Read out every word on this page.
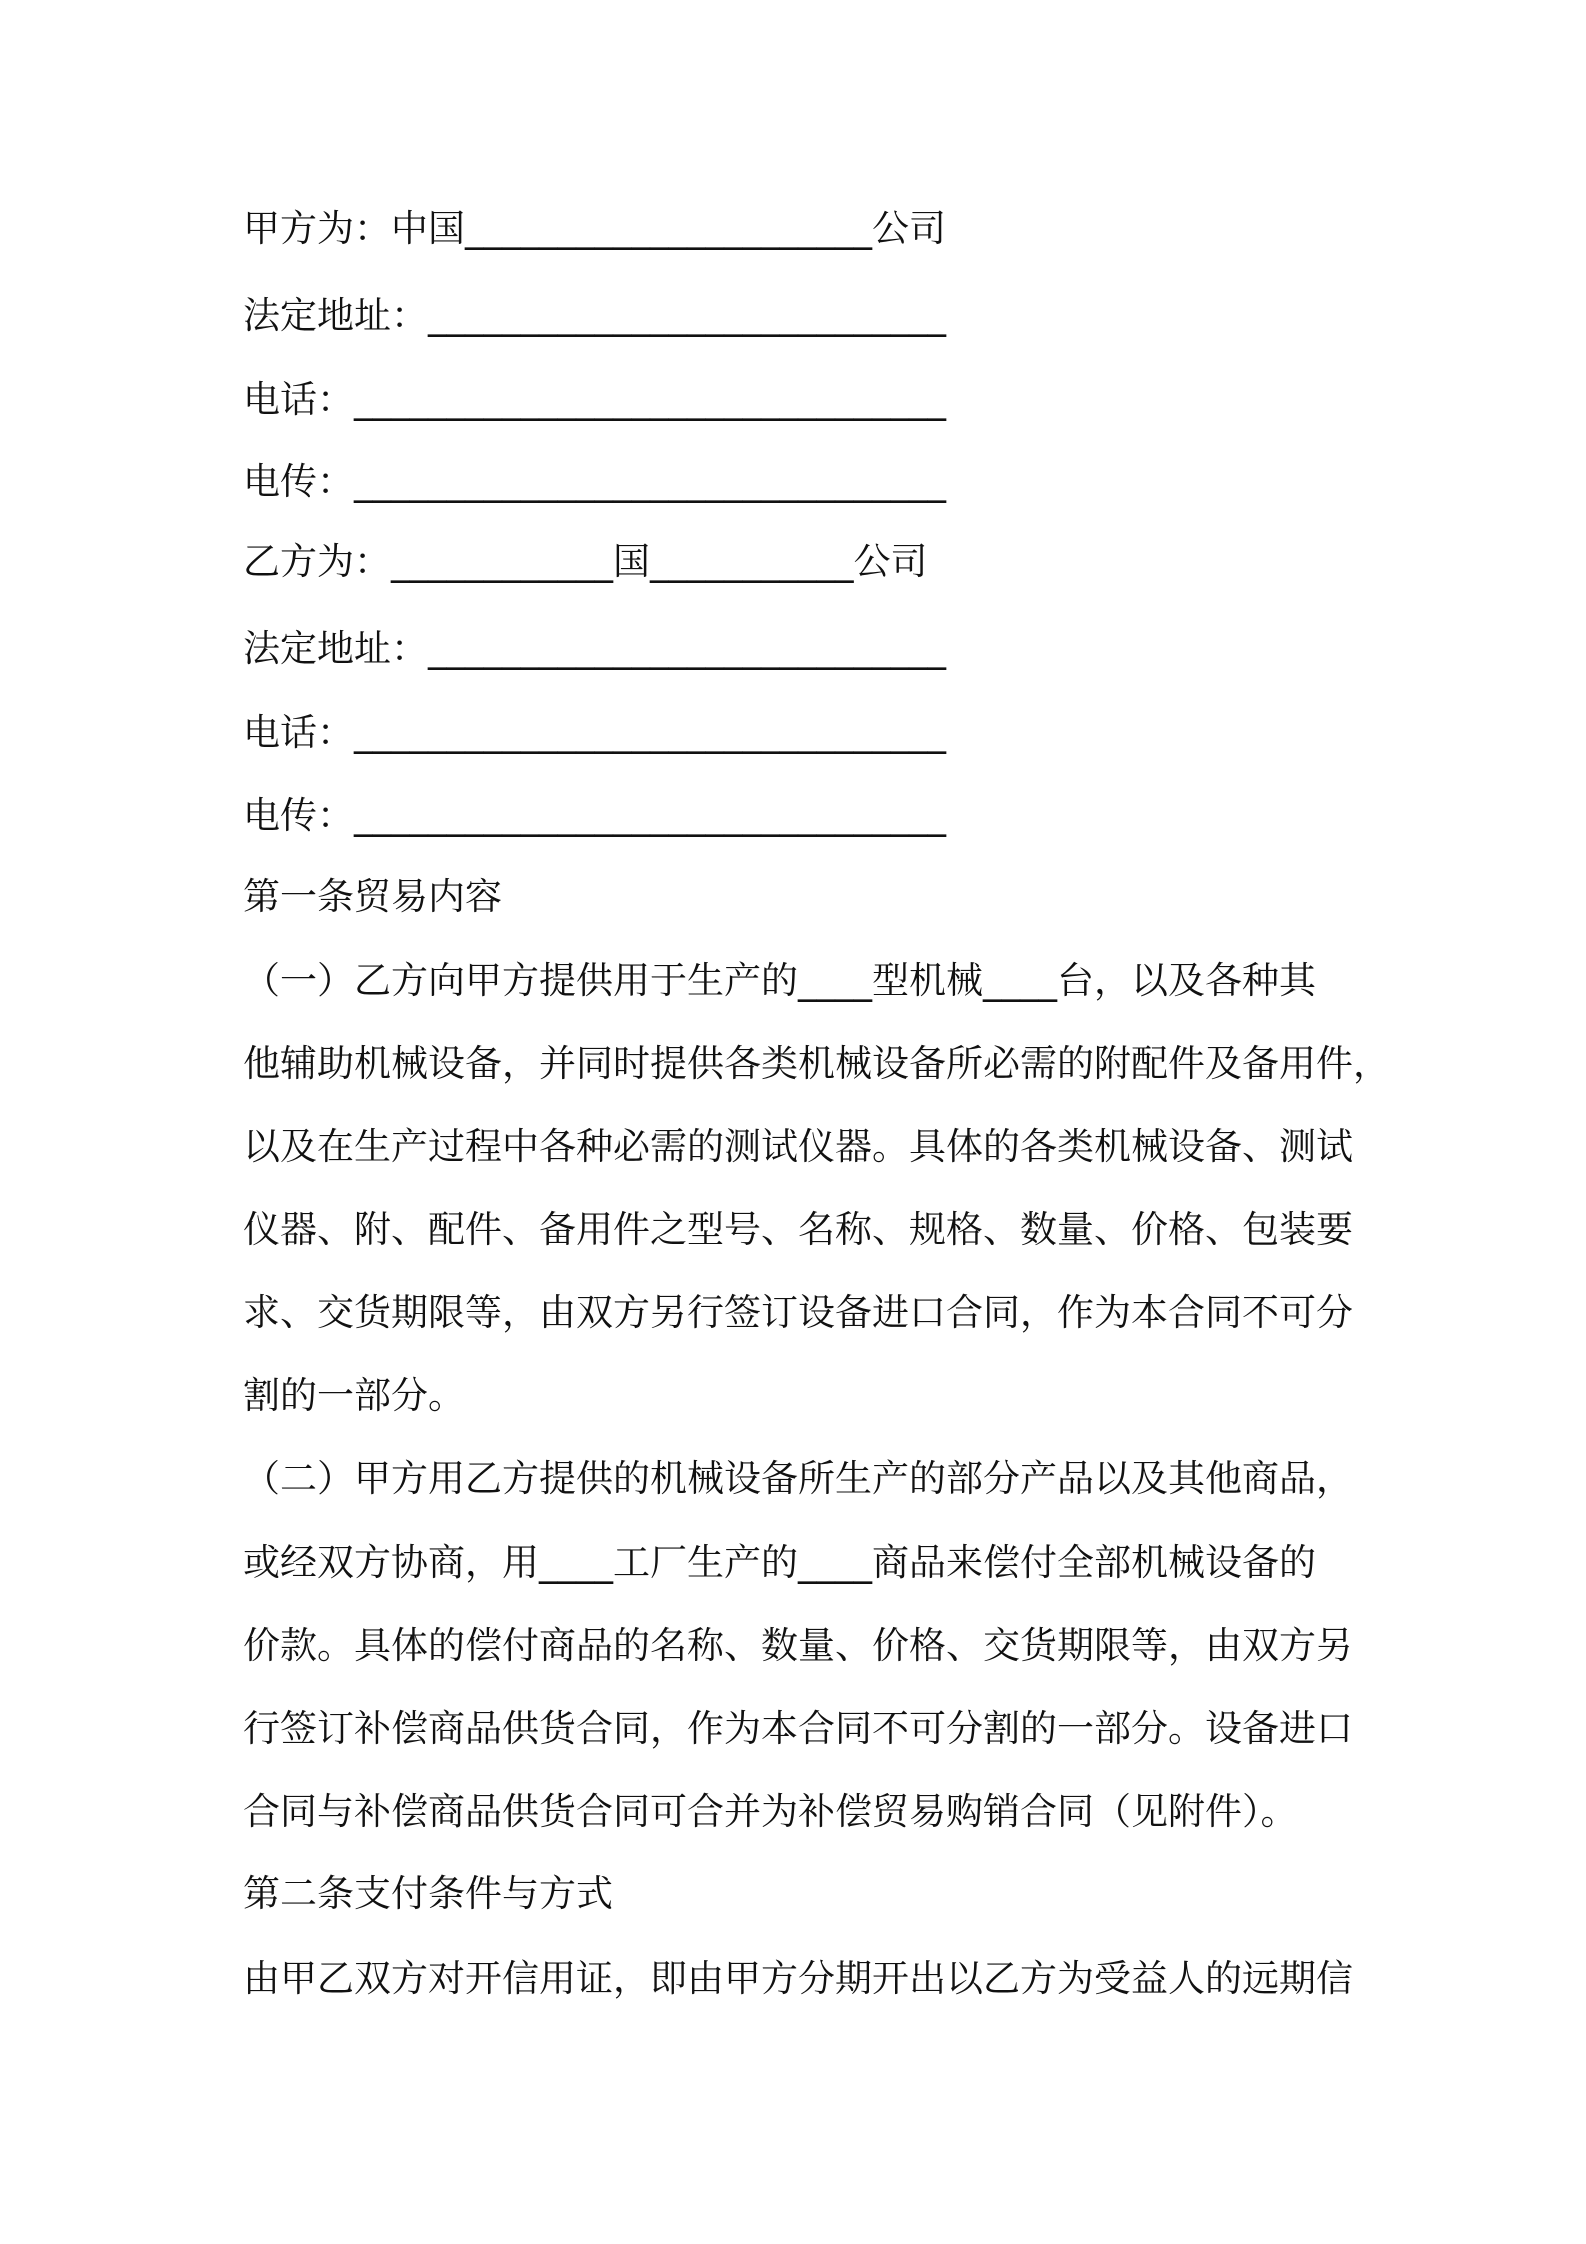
甲方为：中国______________________公司
法定地址：____________________________
电话：________________________________
电传：________________________________
乙方为：____________国___________公司
法定地址：____________________________
电话：________________________________
电传：________________________________
第一条贸易内容
（一）乙方向甲方提供用于生产的____型机械____台，以及各种其
他辅助机械设备，并同时提供各类机械设备所必需的附配件及备用件，
以及在生产过程中各种必需的测试仪器。具体的各类机械设备、测试
仪器、附、配件、备用件之型号、名称、规格、数量、价格、包装要
求、交货期限等，由双方另行签订设备进口合同，作为本合同不可分
割的一部分。
（二）甲方用乙方提供的机械设备所生产的部分产品以及其他商品，
或经双方协商，用____工厂生产的____商品来偿付全部机械设备的
价款。具体的偿付商品的名称、数量、价格、交货期限等，由双方另
行签订补偿商品供货合同，作为本合同不可分割的一部分。设备进口
合同与补偿商品供货合同可合并为补偿贸易购销合同（见附件）。
第二条支付条件与方式
由甲乙双方对开信用证，即由甲方分期开出以乙方为受益人的远期信
